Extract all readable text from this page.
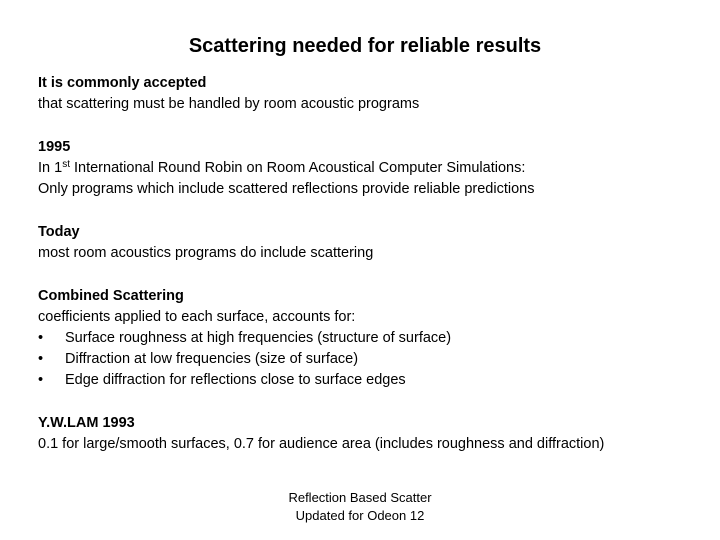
Scattering needed for reliable results
It is commonly accepted
that scattering must be handled by room acoustic programs
1995
In 1st International Round Robin on Room Acoustical Computer Simulations:
Only programs which include scattered reflections provide reliable predictions
Today
most room acoustics programs do include scattering
Combined Scattering
coefficients applied to each surface, accounts for:
• Surface roughness at high frequencies (structure of surface)
• Diffraction at low frequencies (size of surface)
• Edge diffraction for reflections close to surface edges
Y.W.LAM 1993
0.1 for large/smooth surfaces, 0.7 for audience area (includes roughness and diffraction)
Reflection Based Scatter
Updated for Odeon 12
